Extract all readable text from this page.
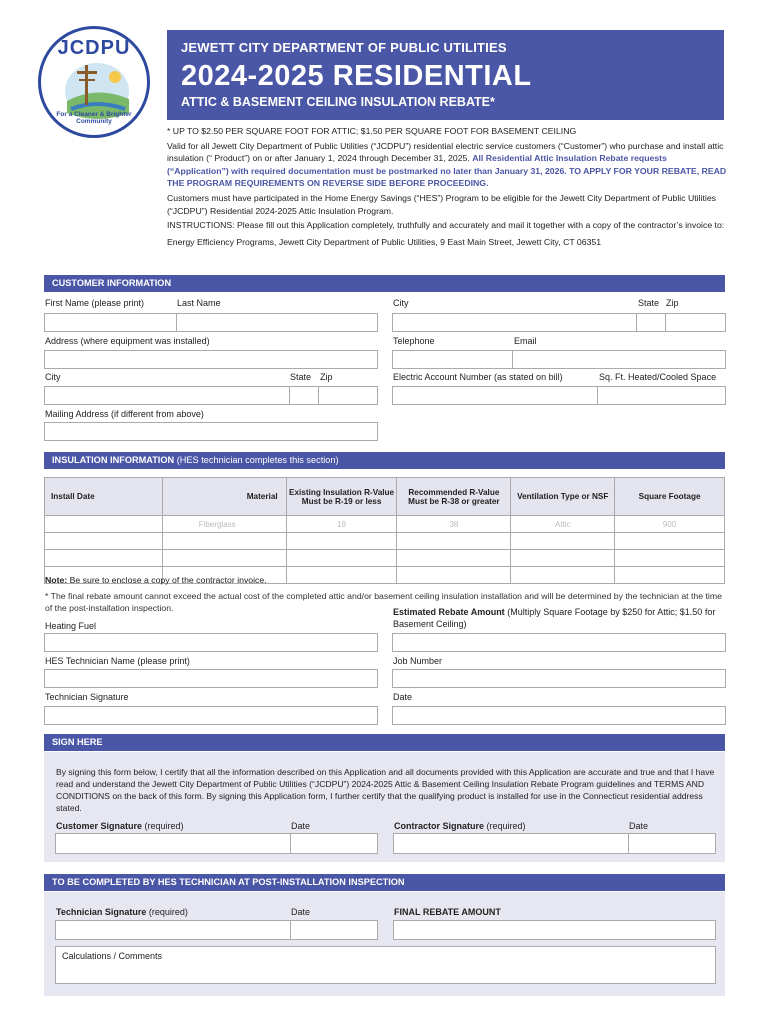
JCDPU
For a Cleaner & Brighter Community
JEWETT CITY DEPARTMENT OF PUBLIC UTILITIES
2024-2025 RESIDENTIAL
ATTIC & BASEMENT CEILING INSULATION REBATE*

* UP TO $2.50 PER SQUARE FOOT FOR ATTIC; $1.50 PER SQUARE FOOT FOR BASEMENT CEILING

Valid for all Jewett City Department of Public Utilities (“JCDPU”) residential electric service customers (“Customer”) who purchase and install attic insulation (“ Product”) on or after January 1, 2024 through December 31, 2025. All Residential Attic Insulation Rebate requests (“Application”) with required documentation must be postmarked no later than January 31, 2026. TO APPLY FOR YOUR REBATE, READ THE PROGRAM REQUIREMENTS ON REVERSE SIDE BEFORE PROCEEDING.

Customers must have participated in the Home Energy Savings (“HES”) Program to be eligible for the Jewett City Department of Public Utilities (“JCDPU”) Residential 2024-2025 Attic Insulation Program.

INSTRUCTIONS: Please fill out this Application completely, truthfully and accurately and mail it together with a copy of the contractor’s invoice to:

Energy Efficiency Programs, Jewett City Department of Public Utilities, 9 East Main Street, Jewett City, CT 06351

CUSTOMER INFORMATION
First Name (please print)	Last Name	City	State Zip
Address (where equipment was installed)	Telephone	Email
City	State Zip	Electric Account Number (as stated on bill)	Sq. Ft. Heated/Cooled Space
Mailing Address (if different from above)
INSULATION INFORMATION (HES technician completes this section)
Install Date	Material	Existing Insulation R-Value Must be R-19 or less	Recommended R-Value Must be R-38 or greater	Ventilation Type or NSF	Square Footage
	Fiberglass	19	38	Attic	900

Note: Be sure to enclose a copy of the contractor invoice.
* The final rebate amount cannot exceed the actual cost of the completed attic and/or basement ceiling insulation installation and will be determined by the technician at the time of the post-installation inspection.
Heating Fuel
Estimated Rebate Amount (Multiply Square Footage by $250 for Attic; $1.50 for Basement Ceiling)
HES Technician Name (please print)	Job Number
Technician Signature	Date
SIGN HERE
By signing this form below, I certify that all the information described on this Application and all documents provided with this Application are accurate and true and that I have read and understand the Jewett City Department of Public Utilities (“JCDPU”) 2024-2025 Attic & Basement Ceiling Insulation Rebate Program guidelines and TERMS AND CONDITIONS on the back of this form. By signing this Application form, I further certify that the qualifying product is installed for use in the Connecticut residential address stated.
Customer Signature (required)	Date	Contractor Signature (required)	Date
TO BE COMPLETED BY HES TECHNICIAN AT POST-INSTALLATION INSPECTION
Technician Signature (required)	Date	FINAL REBATE AMOUNT
Calculations / Comments
